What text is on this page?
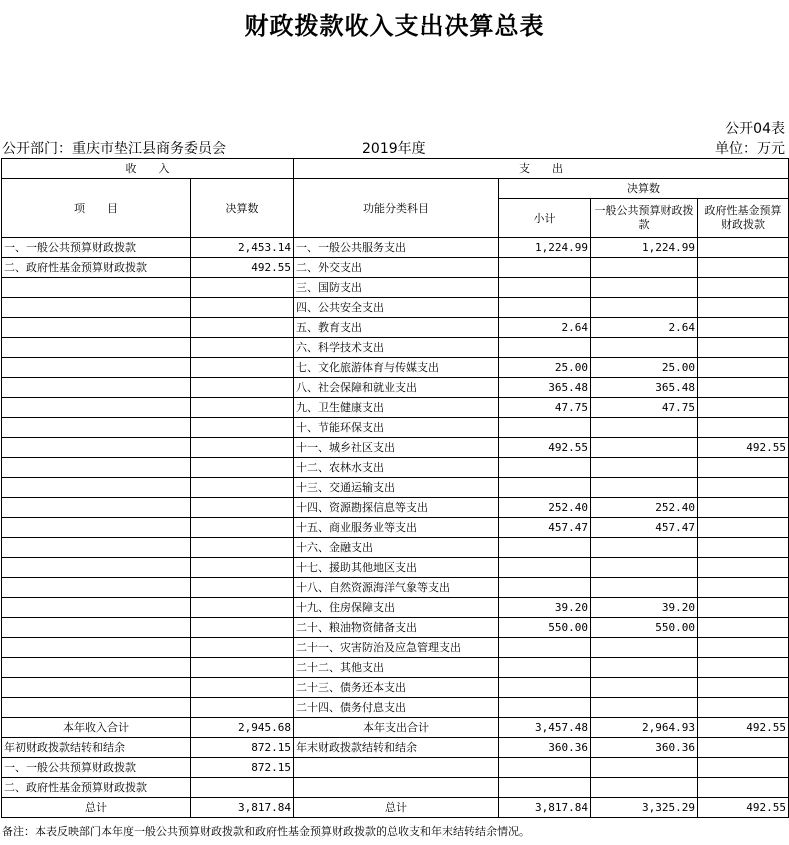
财政拨款收入支出决算总表
公开04表
公开部门：重庆市垫江县商务委员会	2019年度	单位：万元
收　　入		支　　出			
项　　目	决算数	功能分类科目	决算数		
			小计	一般公共预算财政拨款	政府性基金预算财政拨款
一、一般公共预算财政拨款	2,453.14	一、一般公共服务支出	1,224.99	1,224.99	
二、政府性基金预算财政拨款	492.55	二、外交支出			
		三、国防支出			
		四、公共安全支出			
		五、教育支出	2.64	2.64	
		六、科学技术支出			
		七、文化旅游体育与传媒支出	25.00	25.00	
		八、社会保障和就业支出	365.48	365.48	
		九、卫生健康支出	47.75	47.75	
		十、节能环保支出			
		十一、城乡社区支出	492.55		492.55
		十二、农林水支出			
		十三、交通运输支出			
		十四、资源勘探信息等支出	252.40	252.40	
		十五、商业服务业等支出	457.47	457.47	
		十六、金融支出			
		十七、援助其他地区支出			
		十八、自然资源海洋气象等支出			
		十九、住房保障支出	39.20	39.20	
		二十、粮油物资储备支出	550.00	550.00	
		二十一、灾害防治及应急管理支出			
		二十二、其他支出			
		二十三、债务还本支出			
		二十四、债务付息支出			
本年收入合计	2,945.68	本年支出合计	3,457.48	2,964.93	492.55
年初财政拨款结转和结余	872.15	年末财政拨款结转和结余	360.36	360.36	
一、一般公共预算财政拨款	872.15				
二、政府性基金预算财政拨款					
总计	3,817.84	总计	3,817.84	3,325.29	492.55
备注：本表反映部门本年度一般公共预算财政拨款和政府性基金预算财政拨款的总收支和年末结转结余情况。
